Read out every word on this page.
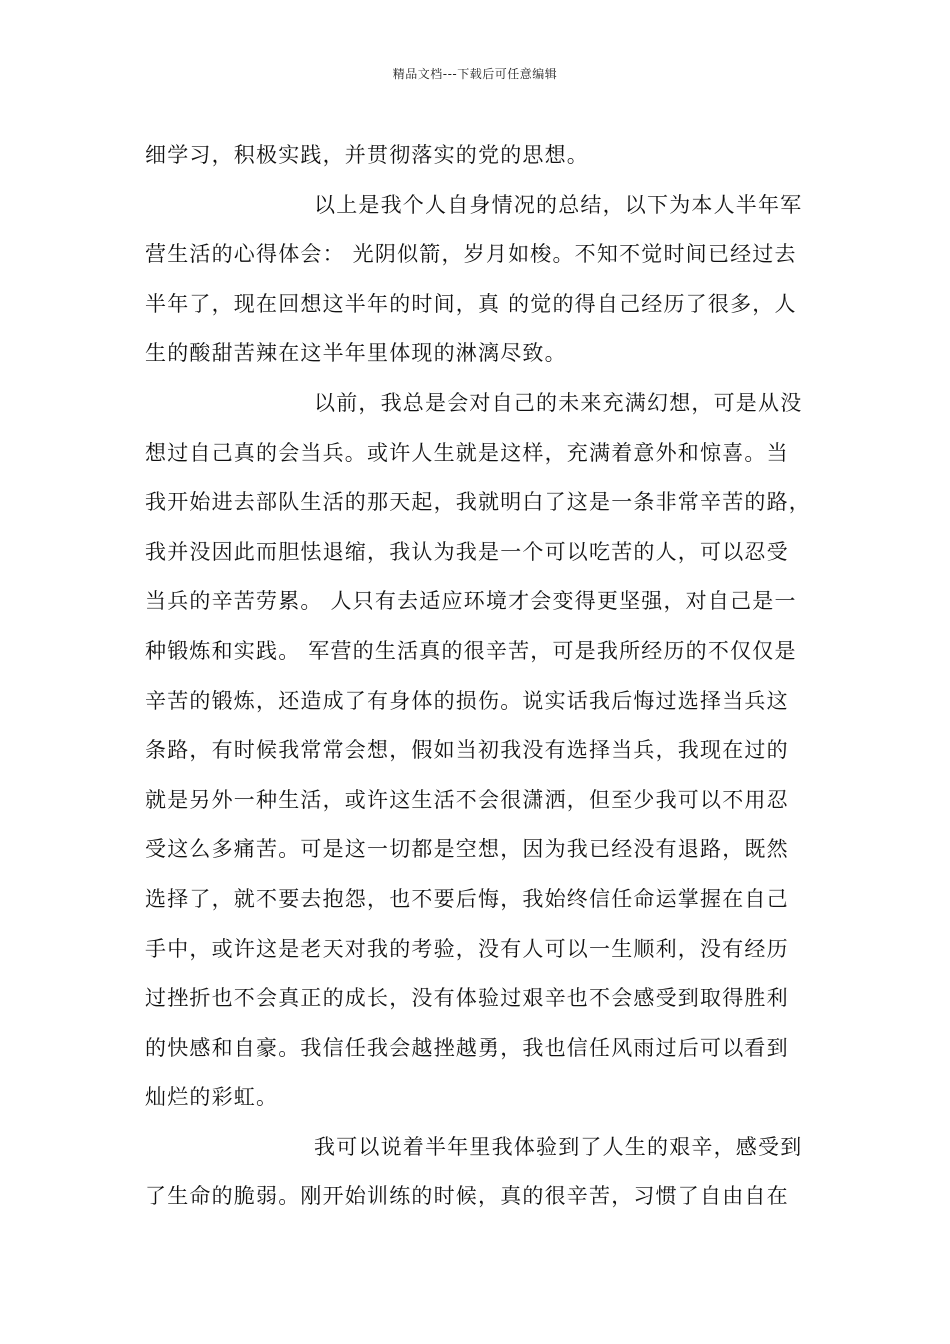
精品文档---下载后可任意编辑
细学习，积极实践，并贯彻落实的党的思想。
以上是我个人自身情况的总结，以下为本人半年军
营生活的心得体会： 光阴似箭，岁月如梭。不知不觉时间已经过去
半年了，现在回想这半年的时间，真 的觉的得自己经历了很多，人
生的酸甜苦辣在这半年里体现的淋漓尽致。
以前，我总是会对自己的未来充满幻想，可是从没
想过自己真的会当兵。或许人生就是这样，充满着意外和惊喜。当
我开始进去部队生活的那天起，我就明白了这是一条非常辛苦的路，
我并没因此而胆怯退缩，我认为我是一个可以吃苦的人，可以忍受
当兵的辛苦劳累。 人只有去适应环境才会变得更坚强，对自己是一
种锻炼和实践。 军营的生活真的很辛苦，可是我所经历的不仅仅是
辛苦的锻炼，还造成了有身体的损伤。说实话我后悔过选择当兵这
条路，有时候我常常会想，假如当初我没有选择当兵，我现在过的
就是另外一种生活，或许这生活不会很潇洒，但至少我可以不用忍
受这么多痛苦。可是这一切都是空想，因为我已经没有退路，既然
选择了，就不要去抱怨，也不要后悔，我始终信任命运掌握在自己
手中，或许这是老天对我的考验，没有人可以一生顺利，没有经历
过挫折也不会真正的成长，没有体验过艰辛也不会感受到取得胜利
的快感和自豪。我信任我会越挫越勇，我也信任风雨过后可以看到
灿烂的彩虹。
我可以说着半年里我体验到了人生的艰辛，感受到
了生命的脆弱。刚开始训练的时候，真的很辛苦，习惯了自由自在
